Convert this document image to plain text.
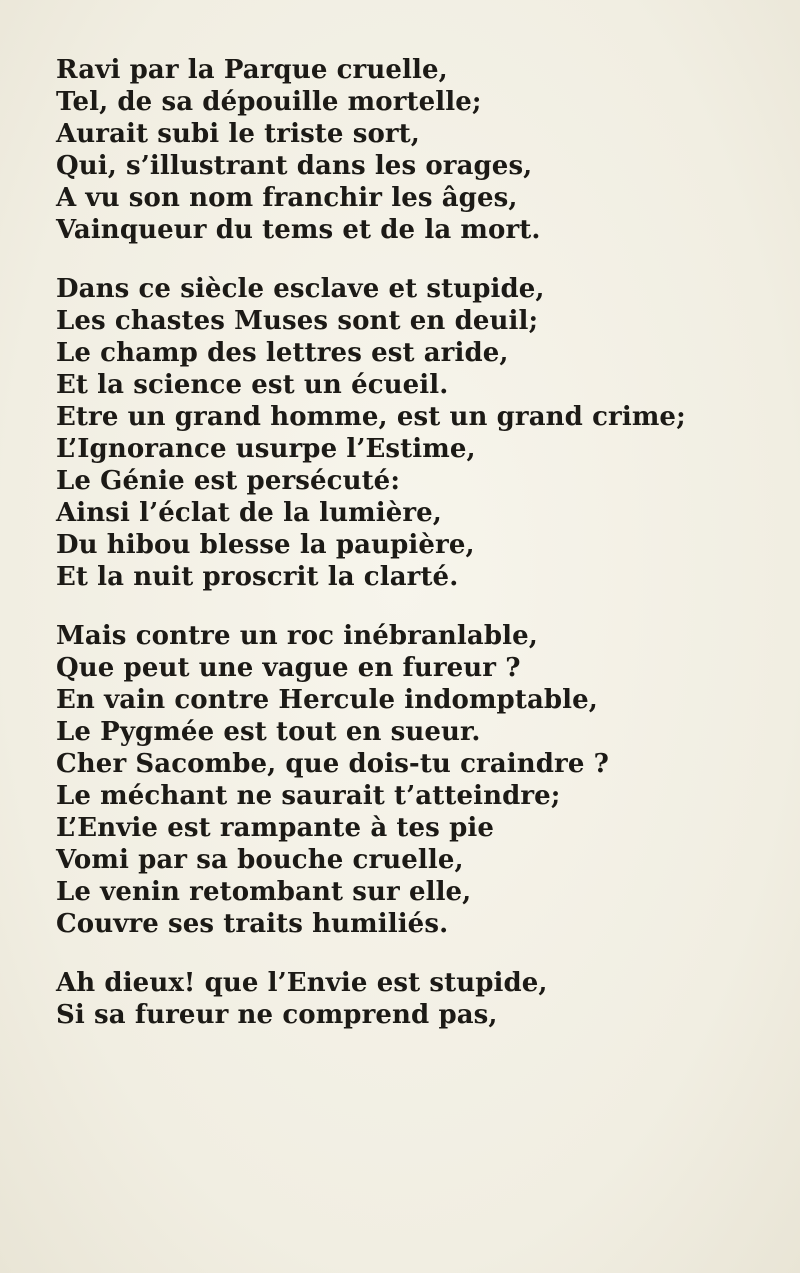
Ravi par la Parque cruelle,
Tel, de sa dépouille mortelle;
Aurait subi le triste sort,
Qui, s’illustrant dans les orages,
A vu son nom franchir les âges,
Vainqueur du tems et de la mort.
Dans ce siècle esclave et stupide,
Les chastes Muses sont en deuil;
Le champ des lettres est aride,
Et la science est un écueil.
Etre un grand homme, est un grand crime;
L’Ignorance usurpe l’Estime,
Le Génie est persécuté:
Ainsi l’éclat de la lumière,
Du hibou blesse la paupière,
Et la nuit proscrit la clarté.
Mais contre un roc inébranlable,
Que peut une vague en fureur ?
En vain contre Hercule indomptable,
Le Pygmée est tout en sueur.
Cher Sacombe, que dois-tu craindre ?
Le méchant ne saurait t’atteindre;
L’Envie est rampante à tes pie
Vomi par sa bouche cruelle,
Le venin retombant sur elle,
Couvre ses traits humiliés.
Ah dieux! que l’Envie est stupide,
Si sa fureur ne comprend pas,
